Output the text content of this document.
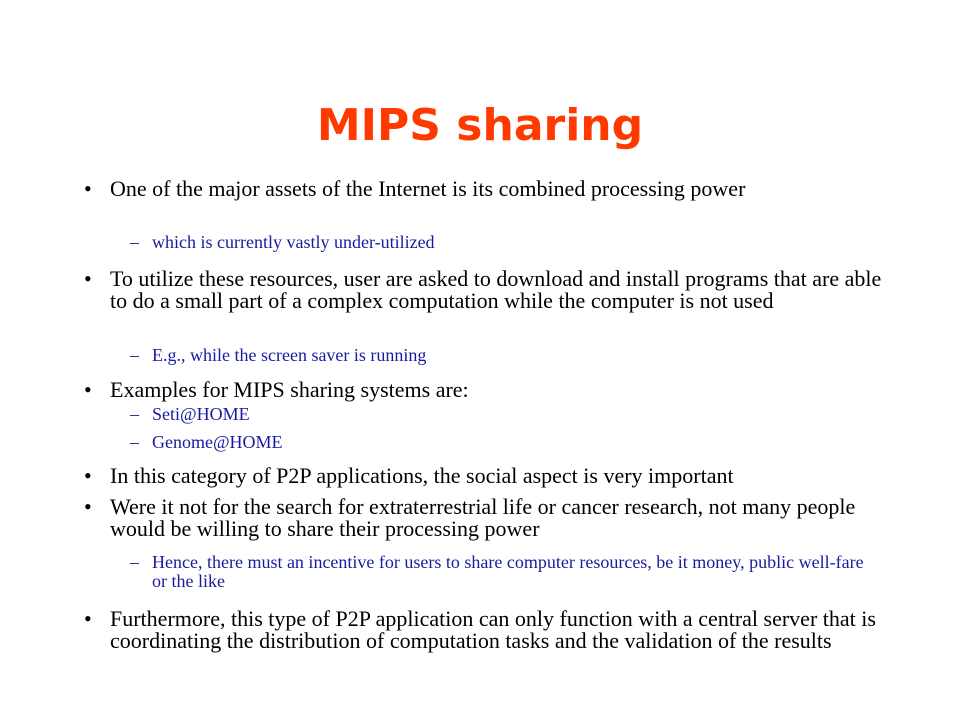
MIPS sharing
• One of the major assets of the Internet is its combined processing power
– which is currently vastly under-utilized
• To utilize these resources, user are asked to download and install programs that are able to do a small part of a complex computation while the computer is not used
– E.g., while the screen saver is running
• Examples for MIPS sharing systems are:
– Seti@HOME
– Genome@HOME
• In this category of P2P applications, the social aspect is very important
• Were it not for the search for extraterrestrial life or cancer research, not many people would be willing to share their processing power
– Hence, there must an incentive for users to share computer resources, be it money, public well-fare or the like
• Furthermore, this type of P2P application can only function with a central server that is coordinating the distribution of computation tasks and the validation of the results
